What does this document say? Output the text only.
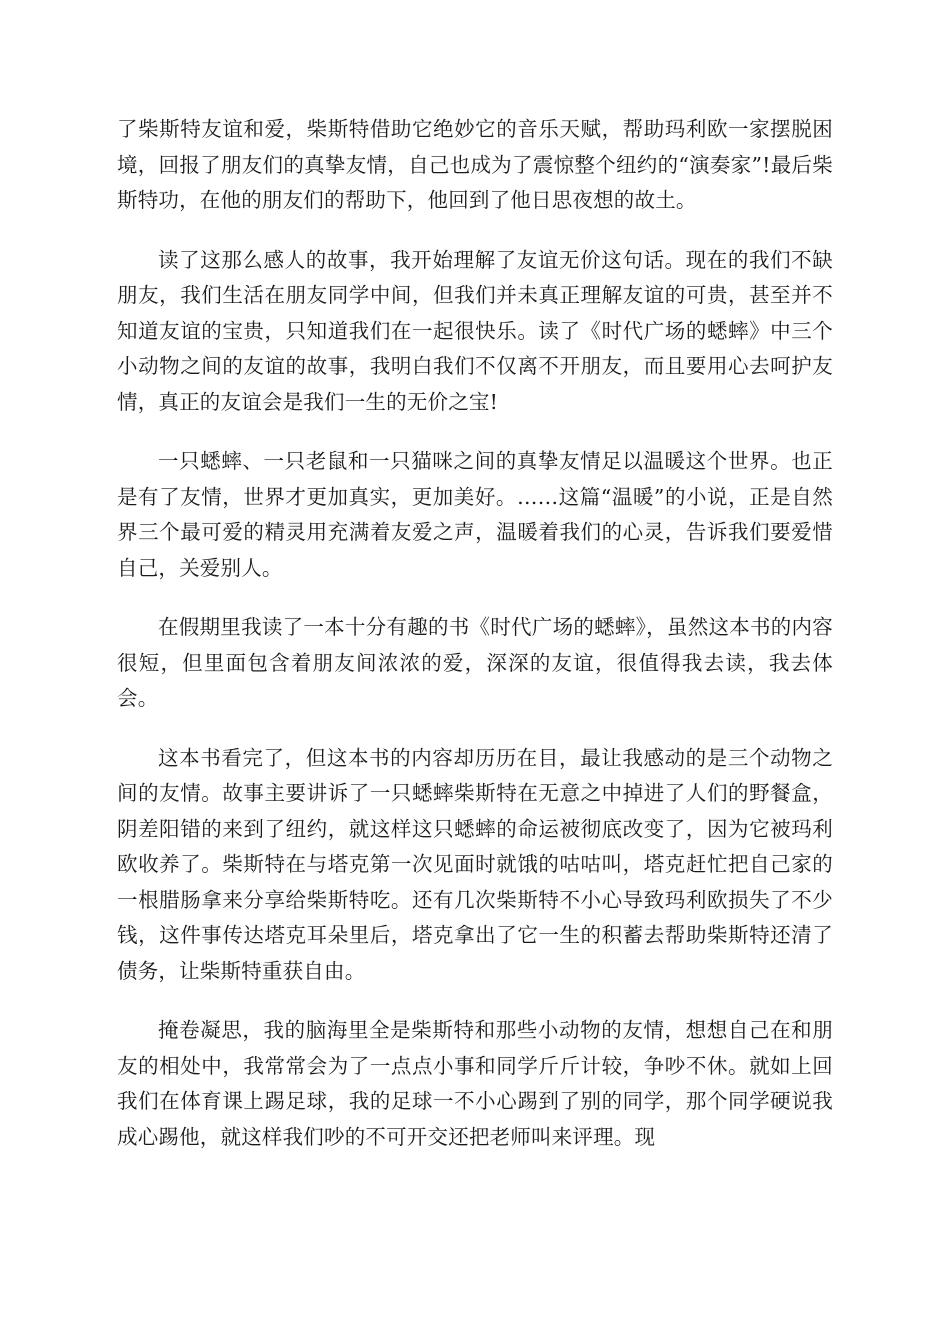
了柴斯特友谊和爱，柴斯特借助它绝妙它的音乐天赋，帮助玛利欧一家摆脱困境，回报了朋友们的真挚友情，自己也成为了震惊整个纽约的“演奏家”!最后柴斯特功，在他的朋友们的帮助下，他回到了他日思夜想的故土。

读了这那么感人的故事，我开始理解了友谊无价这句话。现在的我们不缺朋友，我们生活在朋友同学中间，但我们并未真正理解友谊的可贵，甚至并不知道友谊的宝贵，只知道我们在一起很快乐。读了《时代广场的蟋蟀》中三个小动物之间的友谊的故事，我明白我们不仅离不开朋友，而且要用心去呵护友情，真正的友谊会是我们一生的无价之宝!

一只蟋蟀、一只老鼠和一只猫咪之间的真挚友情足以温暖这个世界。也正是有了友情，世界才更加真实，更加美好。……这篇“温暖”的小说，正是自然界三个最可爱的精灵用充满着友爱之声，温暖着我们的心灵，告诉我们要爱惜自己，关爱别人。

在假期里我读了一本十分有趣的书《时代广场的蟋蟀》，虽然这本书的内容很短，但里面包含着朋友间浓浓的爱，深深的友谊，很值得我去读，我去体会。

这本书看完了，但这本书的内容却历历在目，最让我感动的是三个动物之间的友情。故事主要讲诉了一只蟋蟀柴斯特在无意之中掉进了人们的野餐盒，阴差阳错的来到了纽约，就这样这只蟋蟀的命运被彻底改变了，因为它被玛利欧收养了。柴斯特在与塔克第一次见面时就饿的咕咕叫，塔克赶忙把自己家的一根腊肠拿来分享给柴斯特吃。还有几次柴斯特不小心导致玛利欧损失了不少钱，这件事传达塔克耳朵里后，塔克拿出了它一生的积蓄去帮助柴斯特还清了债务，让柴斯特重获自由。

掩卷凝思，我的脑海里全是柴斯特和那些小动物的友情，想想自己在和朋友的相处中，我常常会为了一点点小事和同学斤斤计较，争吵不休。就如上回我们在体育课上踢足球，我的足球一不小心踢到了别的同学，那个同学硬说我成心踢他，就这样我们吵的不可开交还把老师叫来评理。现
